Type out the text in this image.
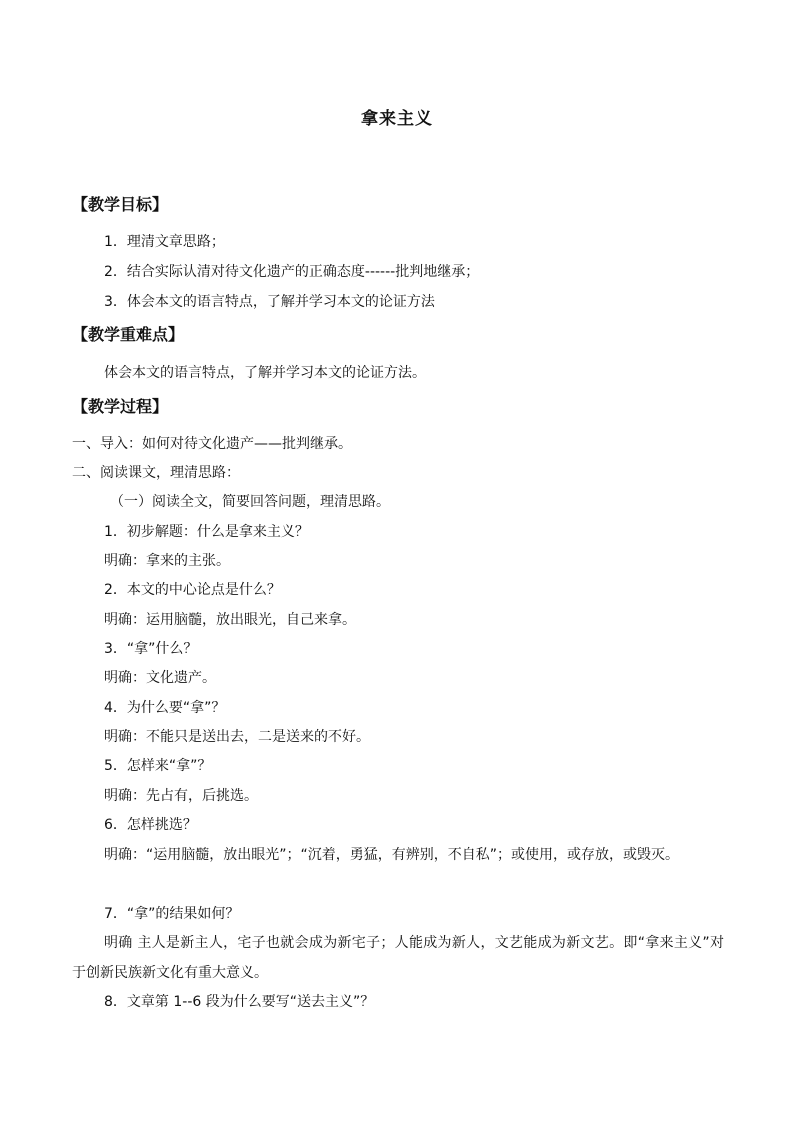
拿来主义
【教学目标】
1．理清文章思路；
2．结合实际认清对待文化遗产的正确态度------批判地继承；
3．体会本文的语言特点，了解并学习本文的论证方法
【教学重难点】
体会本文的语言特点，了解并学习本文的论证方法。
【教学过程】
一、导入：如何对待文化遗产——批判继承。
二、阅读课文，理清思路：
（一）阅读全文，简要回答问题，理清思路。
1．初步解题：什么是拿来主义？
明确：拿来的主张。
2．本文的中心论点是什么？
明确：运用脑髓，放出眼光，自己来拿。
3．“拿”什么？
明确：文化遗产。
4．为什么要“拿”？
明确：不能只是送出去，二是送来的不好。
5．怎样来“拿”？
明确：先占有，后挑选。
6．怎样挑选？
明确：“运用脑髓，放出眼光”；“沉着，勇猛，有辨别，不自私”；或使用，或存放，或毁灭。
7．“拿”的结果如何？
明确 主人是新主人，宅子也就会成为新宅子；人能成为新人，文艺能成为新文艺。即“拿来主义”对于创新民族新文化有重大意义。
8．文章第 1--6 段为什么要写“送去主义”？
